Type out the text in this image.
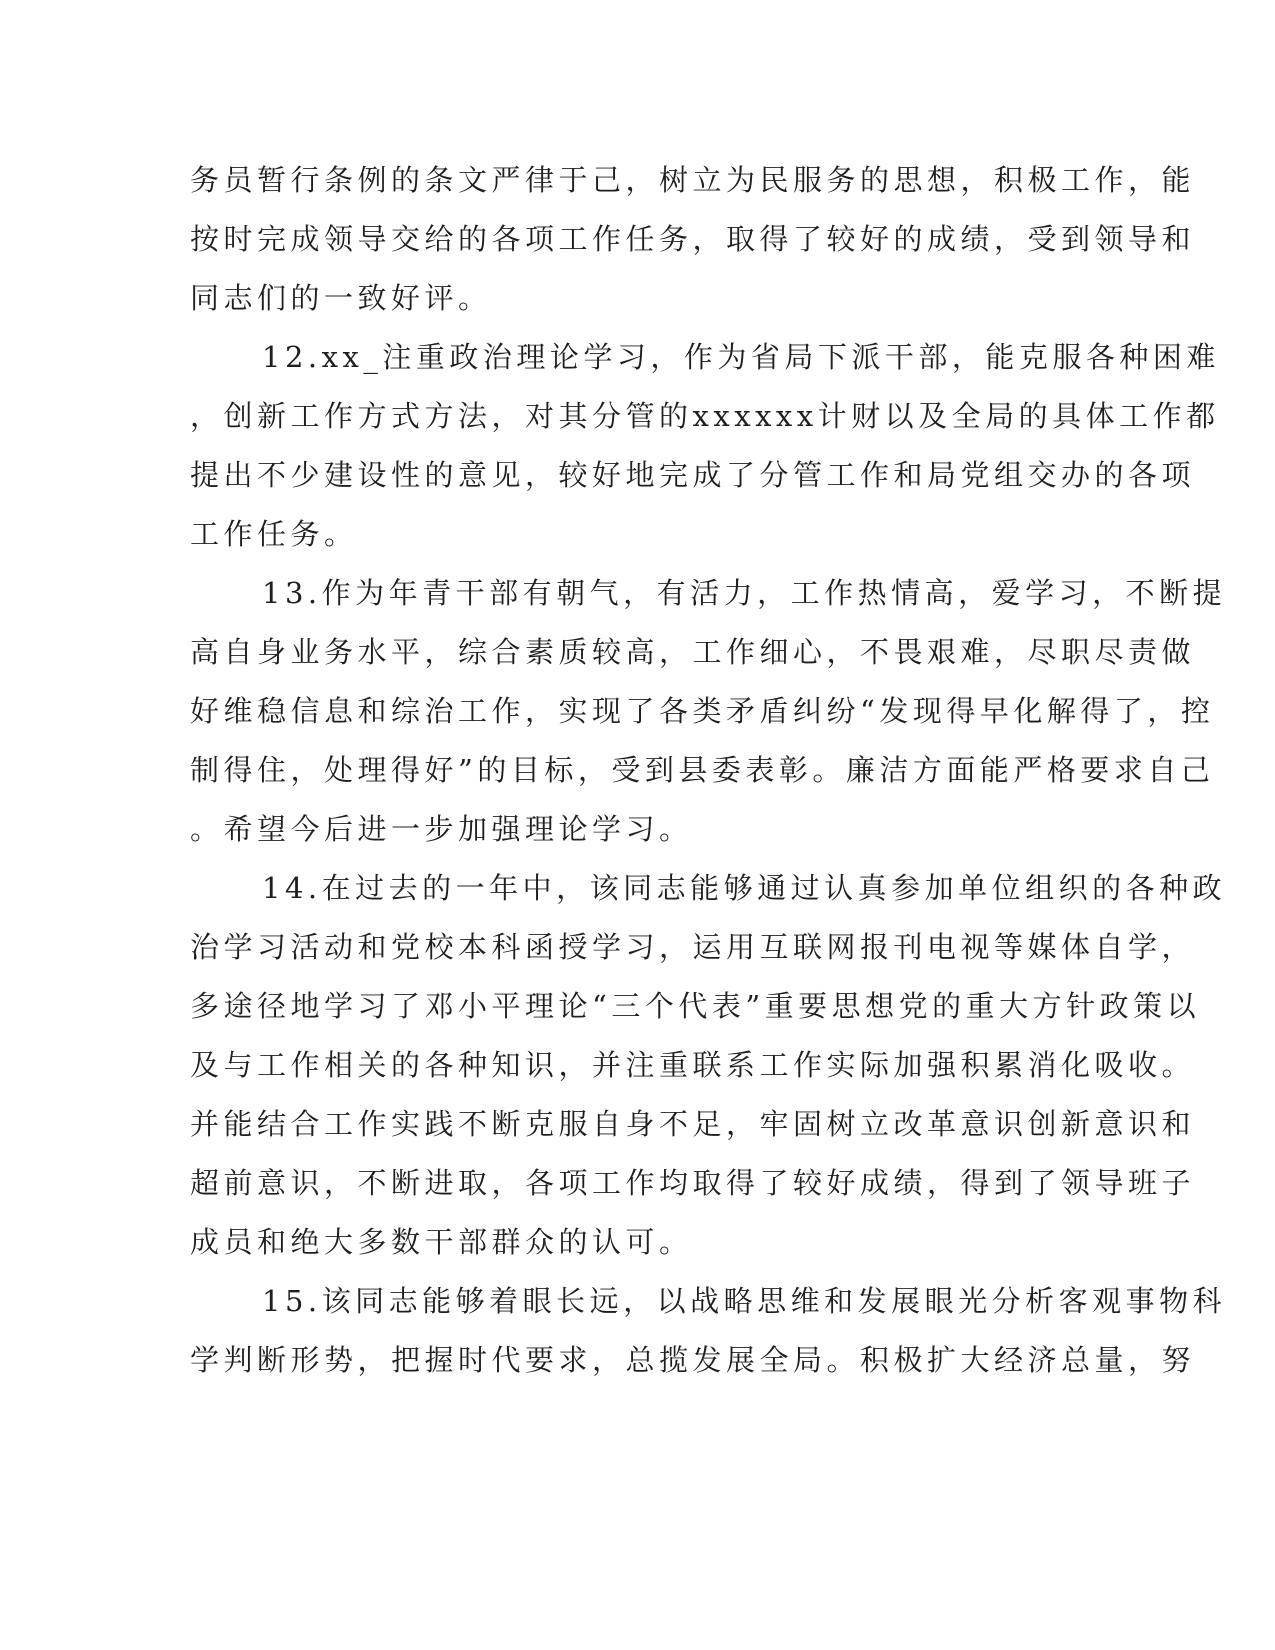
务员暂行条例的条文严律于己，树立为民服务的思想，积极工作，能
按时完成领导交给的各项工作任务，取得了较好的成绩，受到领导和
同志们的一致好评。
12.xx_注重政治理论学习，作为省局下派干部，能克服各种困难
，创新工作方式方法，对其分管的xxxxxx计财以及全局的具体工作都
提出不少建设性的意见，较好地完成了分管工作和局党组交办的各项
工作任务。
13.作为年青干部有朝气，有活力，工作热情高，爱学习，不断提
高自身业务水平，综合素质较高，工作细心，不畏艰难，尽职尽责做
好维稳信息和综治工作，实现了各类矛盾纠纷“发现得早化解得了，控
制得住，处理得好”的目标，受到县委表彰。廉洁方面能严格要求自己
。希望今后进一步加强理论学习。
14.在过去的一年中，该同志能够通过认真参加单位组织的各种政
治学习活动和党校本科函授学习，运用互联网报刊电视等媒体自学，
多途径地学习了邓小平理论“三个代表”重要思想党的重大方针政策以
及与工作相关的各种知识，并注重联系工作实际加强积累消化吸收。
并能结合工作实践不断克服自身不足，牢固树立改革意识创新意识和
超前意识，不断进取，各项工作均取得了较好成绩，得到了领导班子
成员和绝大多数干部群众的认可。
15.该同志能够着眼长远，以战略思维和发展眼光分析客观事物科
学判断形势，把握时代要求，总揽发展全局。积极扩大经济总量，努
